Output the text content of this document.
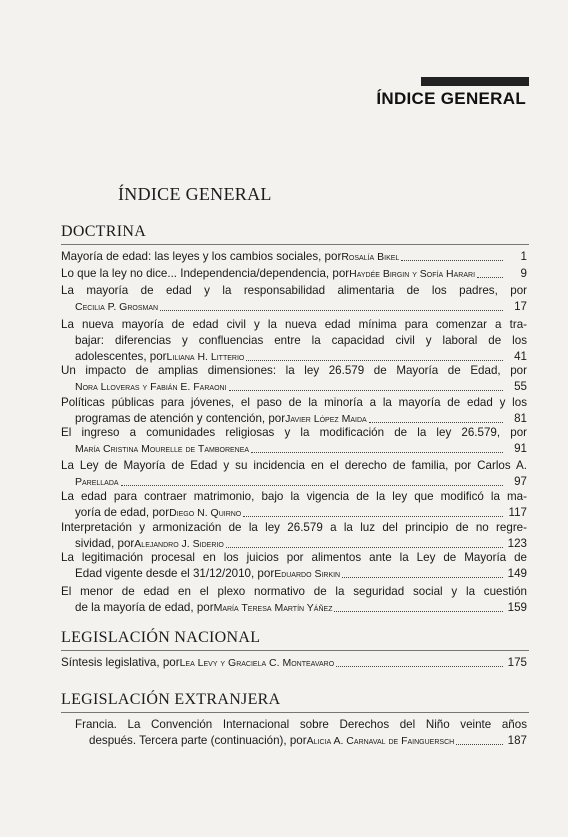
ÍNDICE GENERAL
ÍNDICE GENERAL
DOCTRINA
Mayoría de edad: las leyes y los cambios sociales, por Rosalía Bikel	1
Lo que la ley no dice... Independencia/dependencia, por Haydée Birgin y Sofía Harari	9
La mayoría de edad y la responsabilidad alimentaria de los padres, por
Cecilia P. Grosman	17
La nueva mayoría de edad civil y la nueva edad mínima para comenzar a tra-
bajar: diferencias y confluencias entre la capacidad civil y laboral de los
adolescentes, por Liliana H. Litterio	41
Un impacto de amplias dimensiones: la ley 26.579 de Mayoría de Edad, por
Nora Lloveras y Fabián E. Faraoni	55
Políticas públicas para jóvenes, el paso de la minoría a la mayoría de edad y los
programas de atención y contención, por Javier López Maida	81
El ingreso a comunidades religiosas y la modificación de la ley 26.579, por
María Cristina Mourelle de Tamborenea	91
La Ley de Mayoría de Edad y su incidencia en el derecho de familia, por Carlos A.
Parellada	97
La edad para contraer matrimonio, bajo la vigencia de la ley que modificó la ma-
yoría de edad, por Diego N. Quirno	117
Interpretación y armonización de la ley 26.579 a la luz del principio de no regre-
sividad, por Alejandro J. Siderio	123
La legitimación procesal en los juicios por alimentos ante la Ley de Mayoría de
Edad vigente desde el 31/12/2010, por Eduardo Sirkin	149
El menor de edad en el plexo normativo de la seguridad social y la cuestión
de la mayoría de edad, por María Teresa Martín Yáñez	159
LEGISLACIÓN NACIONAL
Síntesis legislativa, por Lea Levy y Graciela C. Monteavaro	175
LEGISLACIÓN EXTRANJERA
Francia. La Convención Internacional sobre Derechos del Niño veinte años
después. Tercera parte (continuación), por Alicia A. Carnaval de Fainguersch	187
